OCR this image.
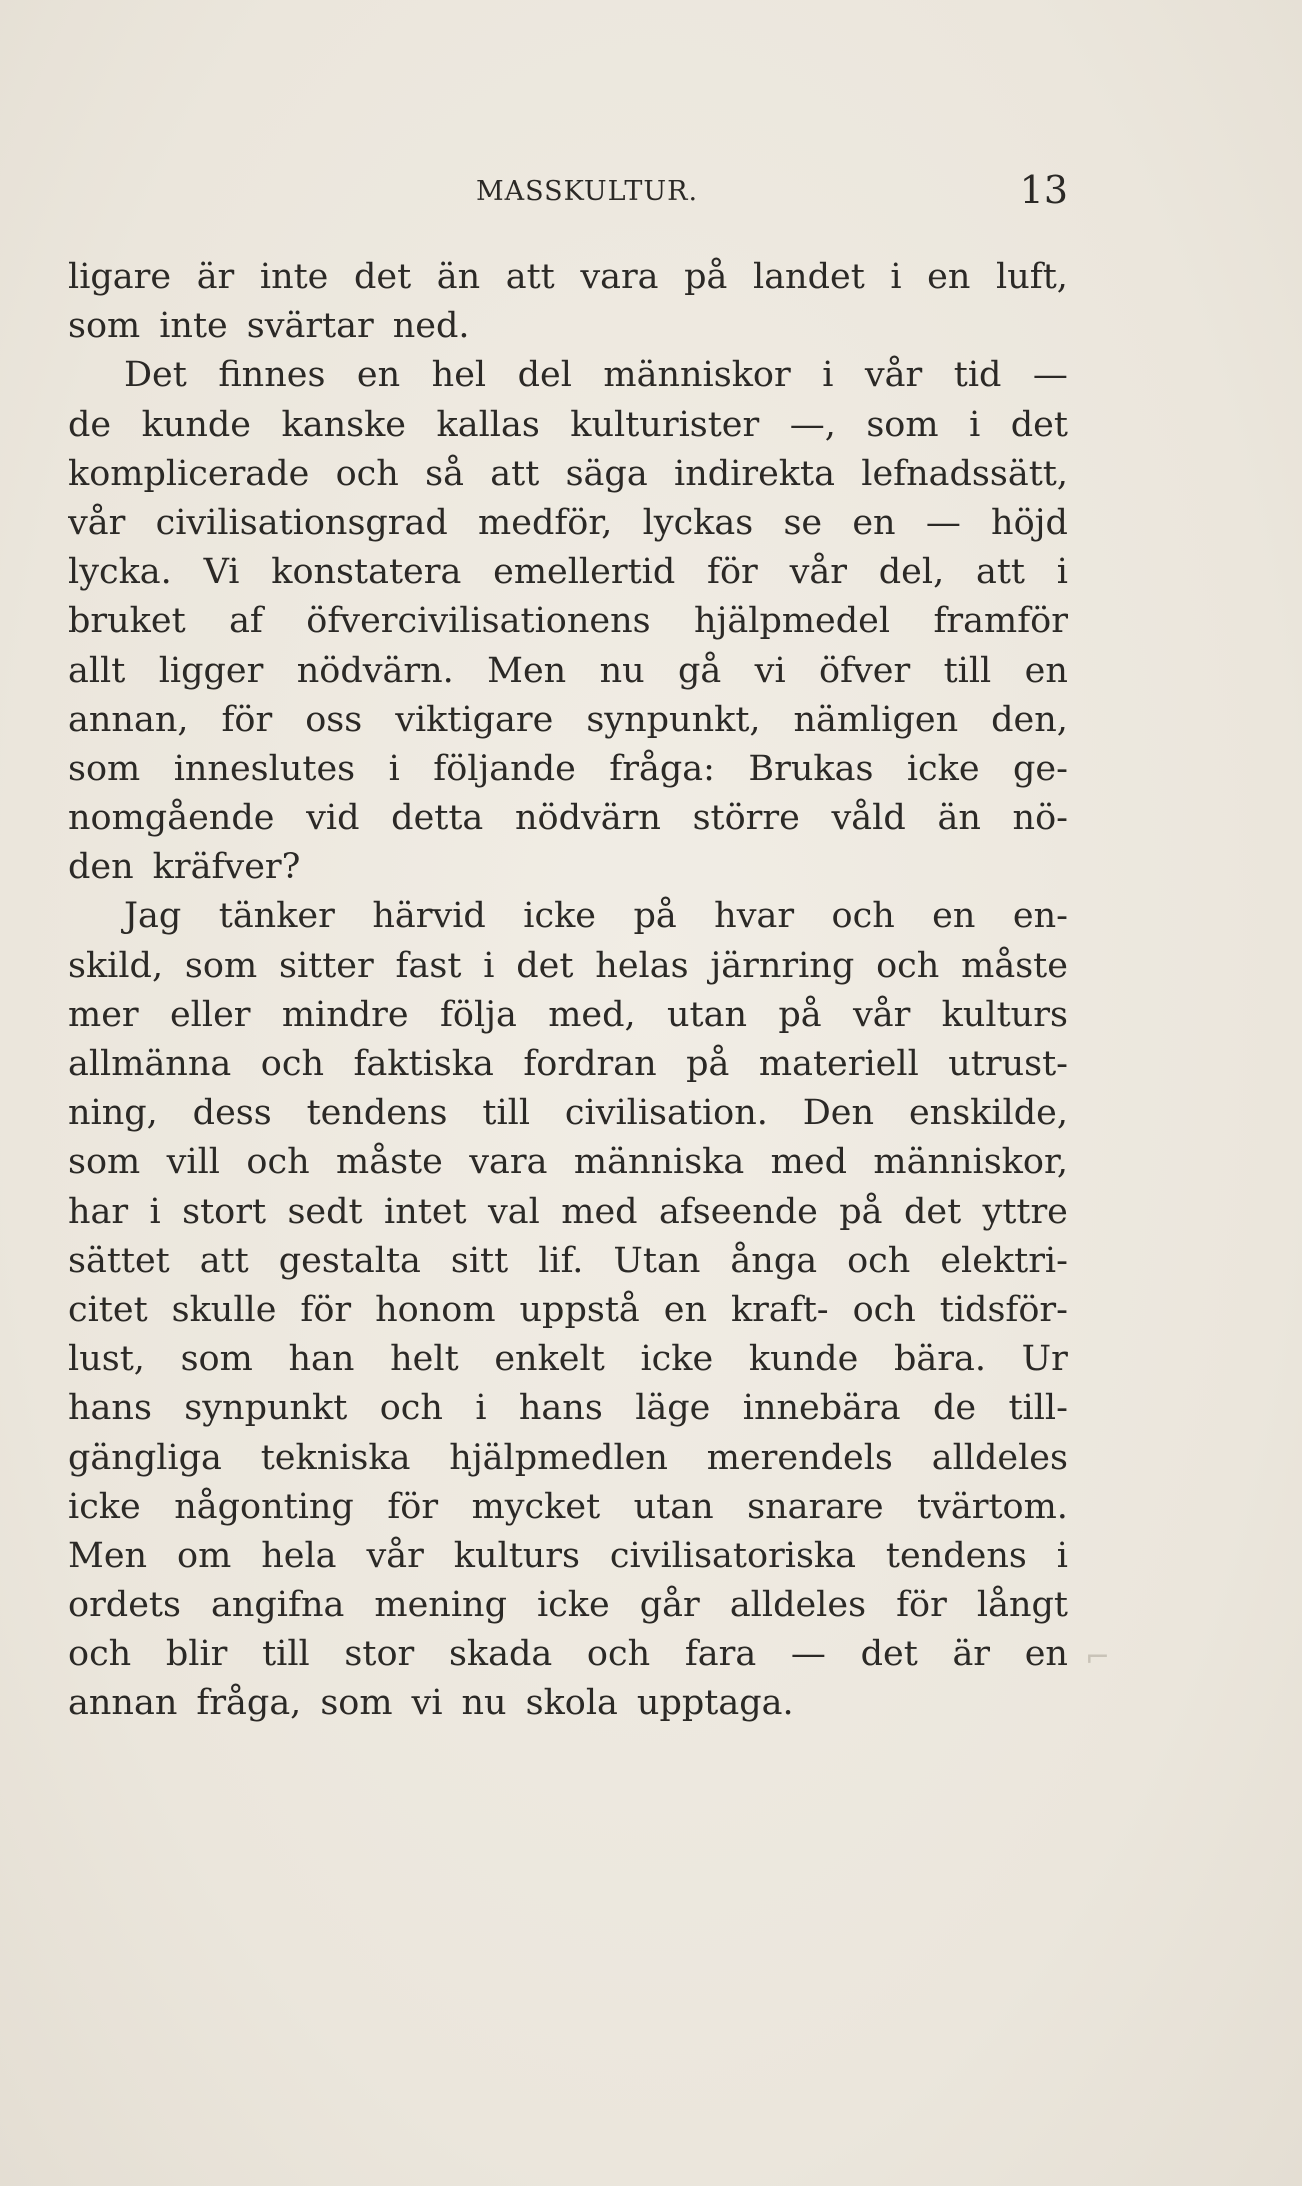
MASSKULTUR.	13
ligare är inte det än att vara på landet i en luft,
som inte svärtar ned.
Det finnes en hel del människor i vår tid —
de kunde kanske kallas kulturister —, som i det
komplicerade och så att säga indirekta lefnadssätt,
vår civilisationsgrad medför, lyckas se en — höjd
lycka. Vi konstatera emellertid för vår del, att i
bruket af öfvercivilisationens hjälpmedel framför
allt ligger nödvärn. Men nu gå vi öfver till en
annan, för oss viktigare synpunkt, nämligen den,
som inneslutes i följande fråga: Brukas icke ge-
nomgående vid detta nödvärn större våld än nö-
den kräfver?
Jag tänker härvid icke på hvar och en en-
skild, som sitter fast i det helas järnring och måste
mer eller mindre följa med, utan på vår kulturs
allmänna och faktiska fordran på materiell utrust-
ning, dess tendens till civilisation. Den enskilde,
som vill och måste vara människa med människor,
har i stort sedt intet val med afseende på det yttre
sättet att gestalta sitt lif. Utan ånga och elektri-
citet skulle för honom uppstå en kraft- och tidsför-
lust, som han helt enkelt icke kunde bära. Ur
hans synpunkt och i hans läge innebära de till-
gängliga tekniska hjälpmedlen merendels alldeles
icke någonting för mycket utan snarare tvärtom.
Men om hela vår kulturs civilisatoriska tendens i
ordets angifna mening icke går alldeles för långt
och blir till stor skada och fara — det är en
annan fråga, som vi nu skola upptaga.
⌐
